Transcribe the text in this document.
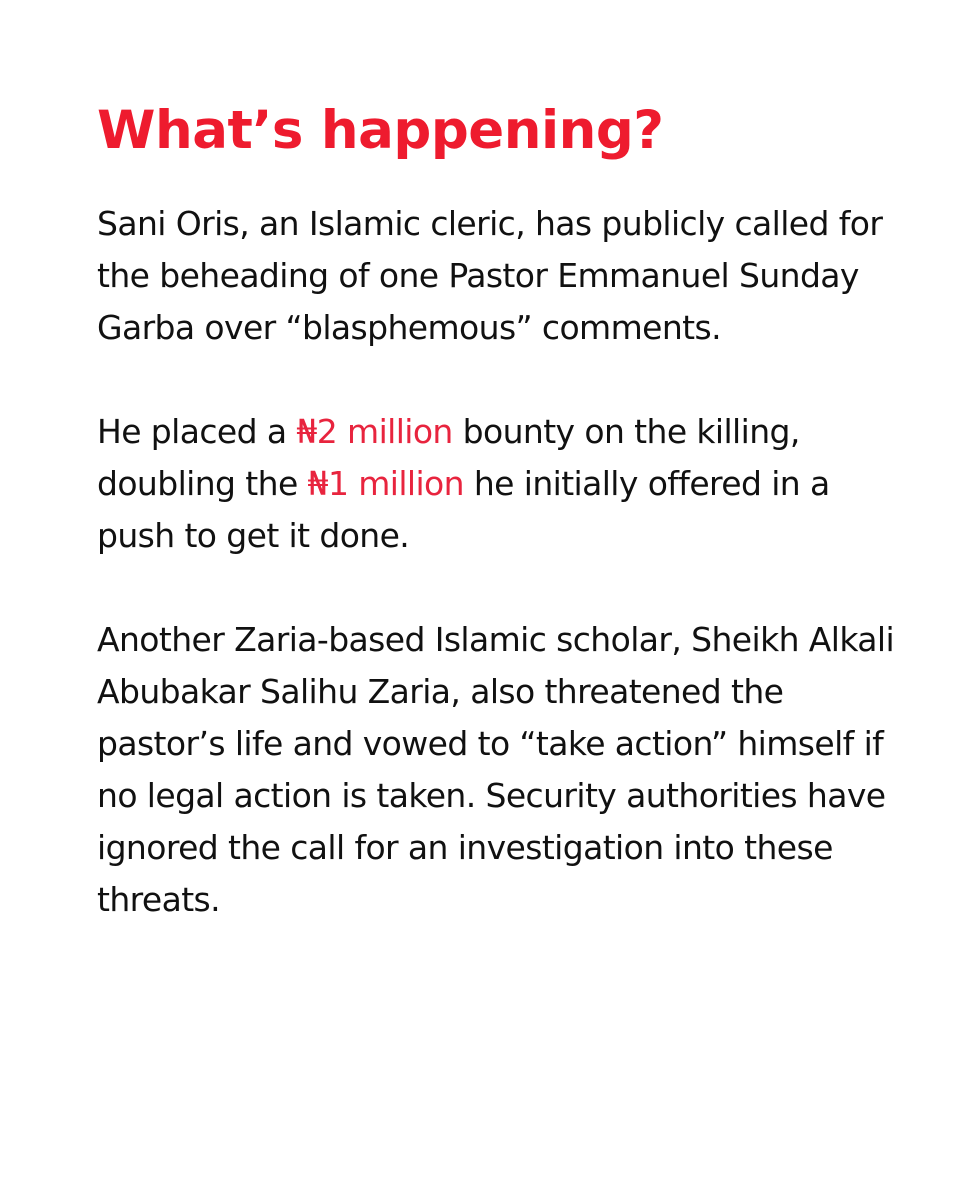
What’s happening?

Sani Oris, an Islamic cleric, has publicly called for the beheading of one Pastor Emmanuel Sunday Garba over “blasphemous” comments.

He placed a ₦2 million bounty on the killing, doubling the ₦1 million he initially offered in a push to get it done.

Another Zaria-based Islamic scholar, Sheikh Alkali Abubakar Salihu Zaria, also threatened the pastor’s life and vowed to “take action” himself if no legal action is taken. Security authorities have ignored the call for an investigation into these threats.
